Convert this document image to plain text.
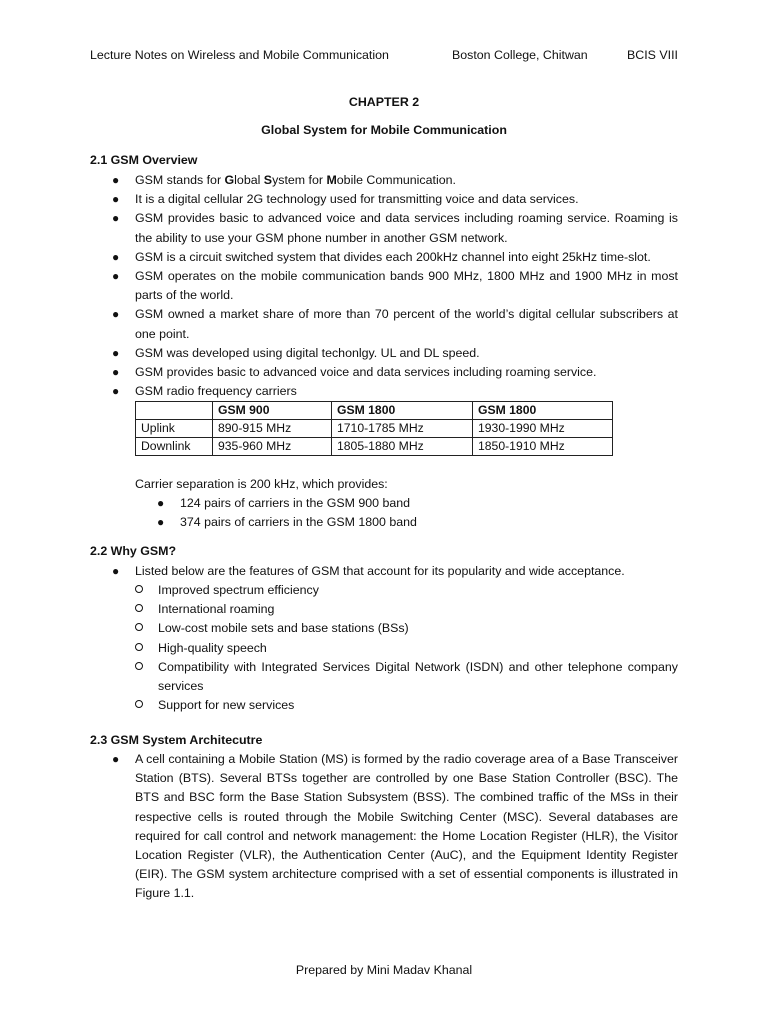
Lecture Notes on Wireless and Mobile Communication	Boston College, Chitwan	BCIS VIII
CHAPTER 2
Global System for Mobile Communication
2.1 GSM Overview
● GSM stands for Global System for Mobile Communication.
● It is a digital cellular 2G technology used for transmitting voice and data services.
● GSM provides basic to advanced voice and data services including roaming service. Roaming is the ability to use your GSM phone number in another GSM network.
● GSM is a circuit switched system that divides each 200kHz channel into eight 25kHz time-slot.
● GSM operates on the mobile communication bands 900 MHz, 1800 MHz and 1900 MHz in most parts of the world.
● GSM owned a market share of more than 70 percent of the world’s digital cellular subscribers at one point.
● GSM was developed using digital techonlgy. UL and DL speed.
● GSM provides basic to advanced voice and data services including roaming service.
● GSM radio frequency carriers
	GSM 900	GSM 1800	GSM 1800
Uplink	890-915 MHz	1710-1785 MHz	1930-1990 MHz
Downlink	935-960 MHz	1805-1880 MHz	1850-1910 MHz
Carrier separation is 200 kHz, which provides:
● 124 pairs of carriers in the GSM 900 band
● 374 pairs of carriers in the GSM 1800 band
2.2 Why GSM?
● Listed below are the features of GSM that account for its popularity and wide acceptance.
Improved spectrum efficiency
International roaming
Low-cost mobile sets and base stations (BSs)
High-quality speech
Compatibility with Integrated Services Digital Network (ISDN) and other telephone company services
Support for new services
2.3 GSM System Architecutre
● A cell containing a Mobile Station (MS) is formed by the radio coverage area of a Base Transceiver Station (BTS). Several BTSs together are controlled by one Base Station Controller (BSC). The BTS and BSC form the Base Station Subsystem (BSS). The combined traffic of the MSs in their respective cells is routed through the Mobile Switching Center (MSC). Several databases are required for call control and network management: the Home Location Register (HLR), the Visitor Location Register (VLR), the Authentication Center (AuC), and the Equipment Identity Register (EIR). The GSM system architecture comprised with a set of essential components is illustrated in Figure 1.1.
Prepared by Mini Madav Khanal
